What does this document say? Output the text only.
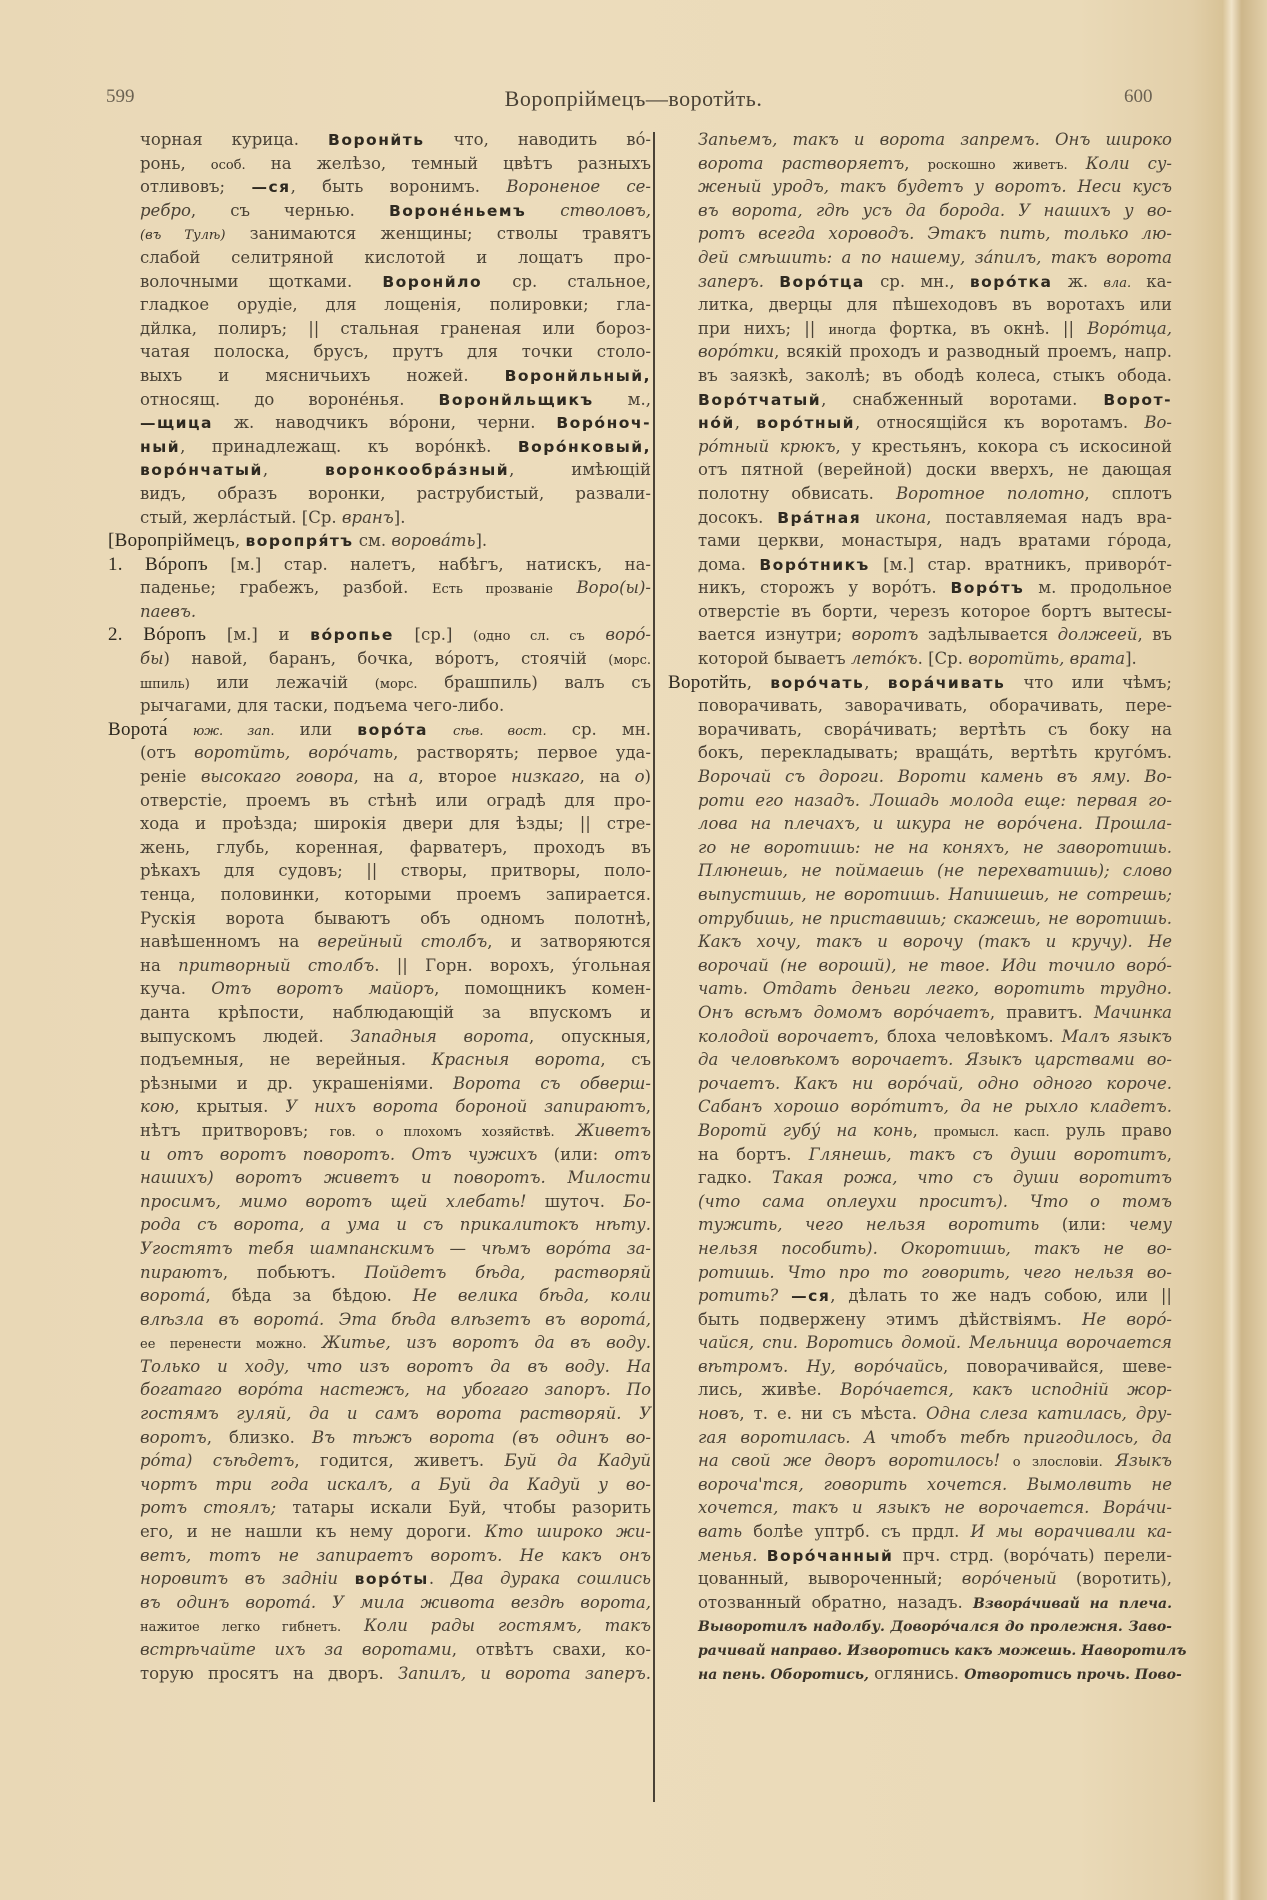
599	Воропріймецъ—воротйть.	600
чорная курица. Воронйть что, наводить вó-
ронь, особ. на желѣзо, темный цвѣтъ разныхъ
отливовъ; —ся, быть воронимъ. Вороненое се-
ребро, съ чернью. Вороне́ньемъ стволовъ,
(въ Тулѣ) занимаются женщины; стволы травятъ
слабой селитряной кислотой и лощатъ про-
волочными щотками. Воронйло ср. стальное,
гладкое орудіе, для лощенія, полировки; гла-
дйлка, полиръ; || стальная граненая или бороз-
чатая полоска, брусъ, прутъ для точки столо-
выхъ и мясничьихъ ножей. Воронйльный,
относящ. до вороне́нья. Воронйльщикъ м.,
—щица ж. наводчикъ вóрони, черни. Ворóноч-
ный, принадлежащ. къ ворóнкѣ. Ворóнковый,
ворóнчатый, воронкообра́зный, имѣющій
видъ, образъ воронки, раструбистый, развали-
стый, жерла́стый. [Ср. вранъ].
[Воропріймецъ, воропря́тъ см. ворова́ть].
1. Вóропъ [м.] стар. налетъ, набѣгъ, натискъ, на-
паденье; грабежъ, разбой. Есть прозваніе Воро(ы)-
паевъ.
2. Вóропъ [м.] и вóропье [ср.] (одно сл. съ ворó-
бы) навой, баранъ, бочка, вóротъ, стоячій (морс.
шпиль) или лежачій (морс. брашпиль) валъ съ
рычагами, для таски, подъема чего-либо.
Ворота́ юж. зап. или ворóта сѣв. вост. ср. мн.
(отъ воротйть, ворóчать, растворять; первое уда-
реніе высокаго говора, на а, второе низкаго, на о)
отверстіе, проемъ въ стѣнѣ или оградѣ для про-
хода и проѣзда; широкія двери для ѣзды; || стре-
жень, глубь, коренная, фарватеръ, проходъ въ
рѣкахъ для судовъ; || створы, притворы, поло-
тенца, половинки, которыми проемъ запирается.
Рускія ворота бываютъ объ одномъ полотнѣ,
навѣшенномъ на верейный столбъ, и затворяются
на притворный столбъ. || Горн. ворохъ, у́гольная
куча. Отъ воротъ майоръ, помощникъ комен-
данта крѣпости, наблюдающій за впускомъ и
выпускомъ людей. Западныя ворота, опускныя,
подъемныя, не верейныя. Красныя ворота, съ
рѣзными и др. украшеніями. Ворота съ обверш-
кою, крытыя. У нихъ ворота бороной запираютъ,
нѣтъ притворовъ; гов. о плохомъ хозяйствѣ. Живетъ
и отъ воротъ поворотъ. Отъ чужихъ (или: отъ
нашихъ) воротъ живетъ и поворотъ. Милости
просимъ, мимо воротъ щей хлебать! шуточ. Бо-
рода съ ворота, а ума и съ прикалитокъ нѣту.
Угостятъ тебя шампанскимъ — чѣмъ ворóта за-
пираютъ, побьютъ. Пойдетъ бѣда, растворяй
ворота́, бѣда за бѣдою. Не велика бѣда, коли
влѣзла въ ворота́. Эта бѣда влѣзетъ въ ворота́,
ее перенести можно. Житье, изъ воротъ да въ воду.
Только и ходу, что изъ воротъ да въ воду. На
богатаго ворóта настежъ, на убогаго запоръ. По
гостямъ гуляй, да и самъ ворота растворяй. У
воротъ, близко. Въ тѣжъ ворота (въ одинъ во-
рóта) съѣдетъ, годится, живетъ. Буй да Кадуй
чортъ три года искалъ, а Буй да Кадуй у во-
ротъ стоялъ; татары искали Буй, чтобы разорить
его, и не нашли къ нему дороги. Кто широко жи-
ветъ, тотъ не запираетъ воротъ. Не какъ онъ
норовитъ въ задніи ворóты. Два дурака сошлись
въ одинъ ворота́. У мила живота вездѣ ворота,
нажитое легко гибнетъ. Коли рады гостямъ, такъ
встрѣчайте ихъ за воротами, отвѣтъ свахи, ко-
торую просятъ на дворъ. Запилъ, и ворота заперъ.
Запьемъ, такъ и ворота запремъ. Онъ широко
ворота растворяетъ, роскошно живетъ. Коли су-
женый уродъ, такъ будетъ у воротъ. Неси кусъ
въ ворота, гдѣ усъ да борода. У нашихъ у во-
ротъ всегда хороводъ. Этакъ пить, только лю-
дей смѣшить: а по нашему, за́пилъ, такъ ворота
заперъ. Ворóтца ср. мн., ворóтка ж. вла. ка-
литка, дверцы для пѣшеходовъ въ воротахъ или
при нихъ; || иногда фортка, въ окнѣ. || Ворóтца,
ворóтки, всякій проходъ и разводный проемъ, напр.
въ заязкѣ, заколѣ; въ ободѣ колеса, стыкъ обода.
Ворóтчатый, снабженный воротами. Ворот-
нóй, ворóтный, относящійся къ воротамъ. Во-
рóтный крюкъ, у крестьянъ, кокора съ искосиной
отъ пятной (верейной) доски вверхъ, не дающая
полотну обвисать. Воротное полотно, сплотъ
досокъ. Вра́тная икона, поставляемая надъ вра-
тами церкви, монастыря, надъ вратами гóрода,
дома. Ворóтникъ [м.] стар. вратникъ, приворóт-
никъ, сторожъ у ворóтъ. Ворóтъ м. продольное
отверстіе въ борти, черезъ которое бортъ вытесы-
вается изнутри; воротъ задѣлывается должеей, въ
которой бываетъ летóкъ. [Ср. воротйть, врата].
Воротйть, ворóчать, вора́чивать что или чѣмъ;
поворачивать, заворачивать, оборачивать, пере-
ворачивать, свора́чивать; вертѣть съ боку на
бокъ, перекладывать; враща́ть, вертѣть кругóмъ.
Ворочай съ дороги. Вороти камень въ яму. Во-
роти его назадъ. Лошадь молода еще: первая го-
лова на плечахъ, и шкура не ворóчена. Прошла-
го не воротишь: не на коняхъ, не заворотишь.
Плюнешь, не поймаешь (не перехватишь); слово
выпустишь, не воротишь. Напишешь, не сотрешь;
отрубишь, не приставишь; скажешь, не воротишь.
Какъ хочу, такъ и ворочу (такъ и кручу). Не
ворочай (не ворошй), не твое. Иди точило ворó-
чать. Отдать деньги легко, воротить трудно.
Онъ всѣмъ домомъ ворóчаетъ, правитъ. Мачинка
колодой ворочаетъ, блоха человѣкомъ. Малъ языкъ
да человѣкомъ ворочаетъ. Языкъ царствами во-
рочаетъ. Какъ ни ворóчай, одно одного короче.
Сабанъ хорошо ворóтитъ, да не рыхло кладетъ.
Воротй губу́ на конь, промысл. касп. руль право
на бортъ. Глянешь, такъ съ души воротитъ,
гадко. Такая рожа, что съ души воротитъ
(что сама оплеухи проситъ). Что о томъ
тужить, чего нельзя воротить (или: чему
нельзя пособить). Окоротишь, такъ не во-
ротишь. Что про то говорить, чего нельзя во-
ротить? —ся, дѣлать то же надъ собою, или ||
быть подвержену этимъ дѣйствіямъ. Не ворó-
чайся, спи. Воротись домой. Мельница ворочается
вѣтромъ. Ну, ворóчайсь, поворачивайся, шеве-
лись, живѣе. Ворóчается, какъ исподній жор-
новъ, т. е. ни съ мѣста. Одна слеза катилась, дру-
гая воротилась. А чтобъ тебѣ пригодилось, да
на свой же дворъ воротилось! о злословіи. Языкъ
вороча'тся, говорить хочется. Вымолвить не
хочется, такъ и языкъ не ворочается. Вора́чи-
вать болѣе уптрб. съ прдл. И мы ворачивали ка-
менья. Ворóчанный прч. стрд. (ворóчать) перели-
цованный, вывороченный; ворóченый (воротить),
отозванный обратно, назадъ. Взвора́чивай на плеча.
Выворотилъ надолбу. Доворóчался до пролежня. Заво-
рачивай направо. Изворотись какъ можешь. Наворотилъ
на пень. Оборотись, оглянись. Отворотись прочь. Пово-
